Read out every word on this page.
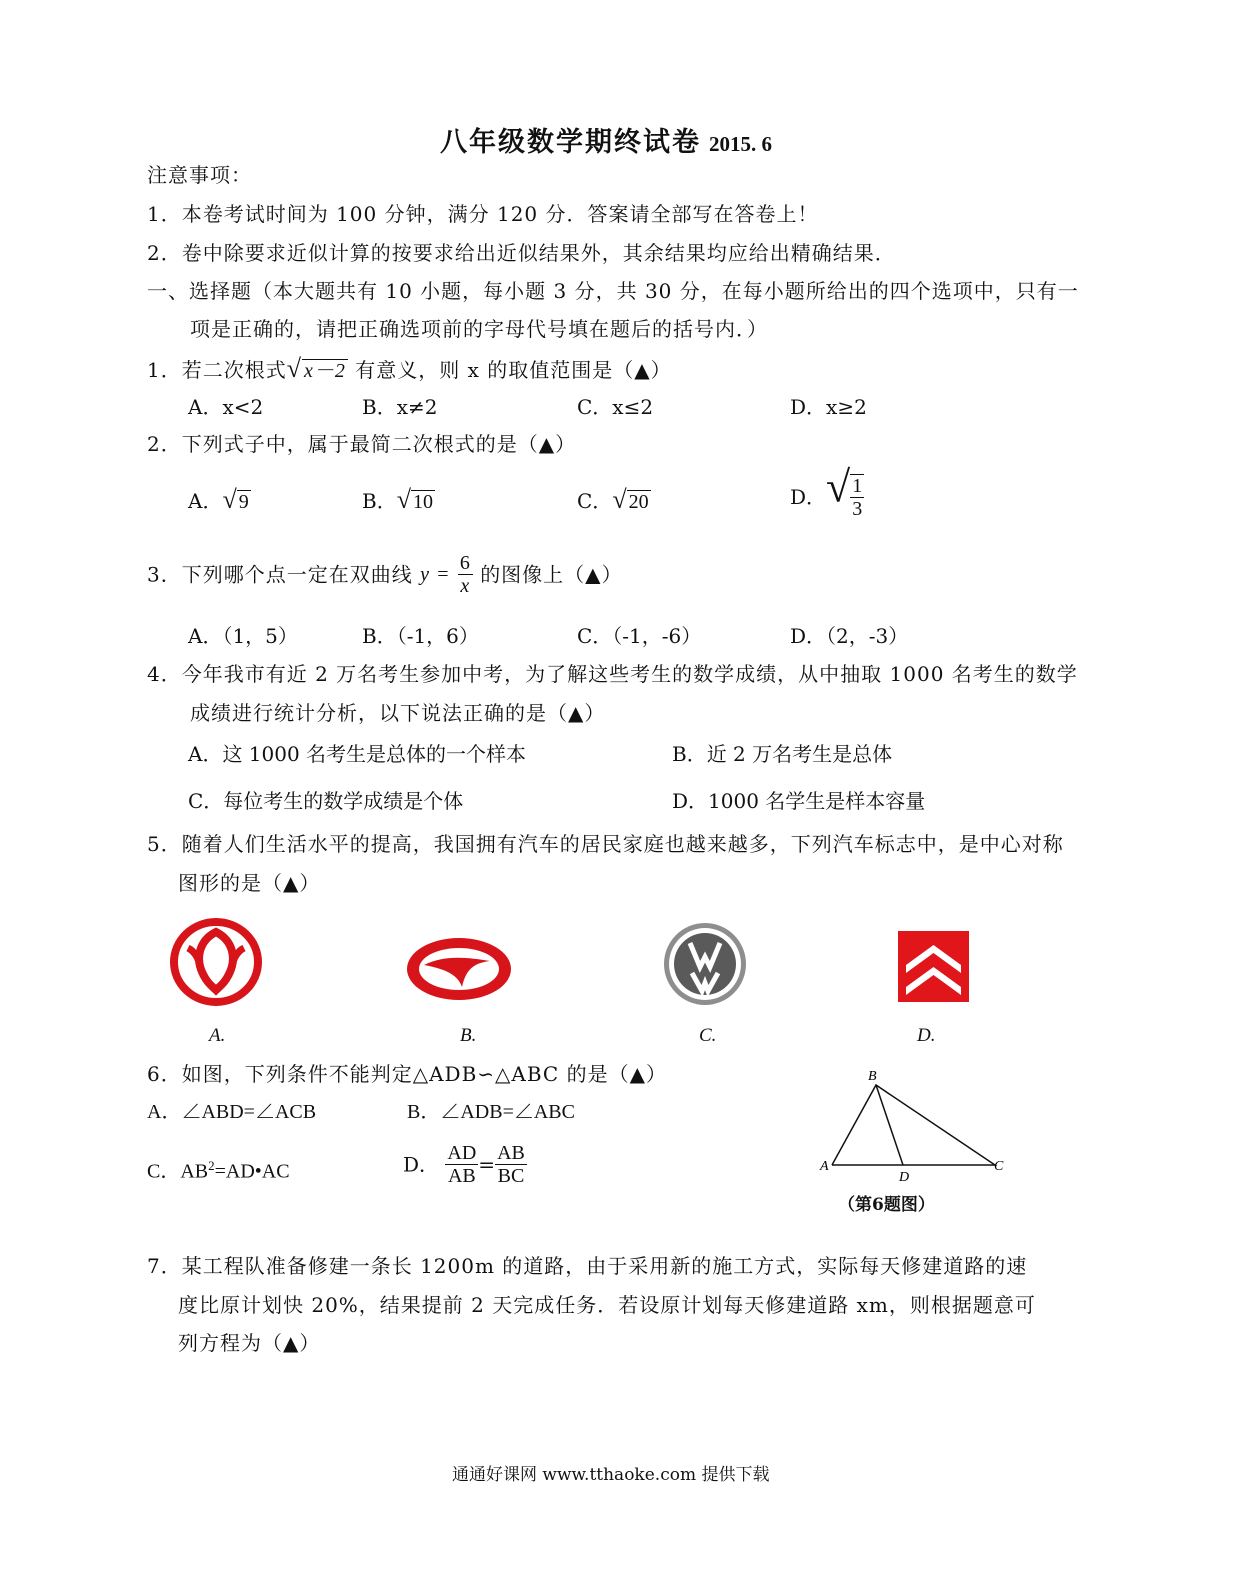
八年级数学期终试卷 2015. 6
注意事项：
1．本卷考试时间为 100 分钟，满分 120 分．答案请全部写在答卷上！
2．卷中除要求近似计算的按要求给出近似结果外，其余结果均应给出精确结果．
一、选择题（本大题共有 10 小题，每小题 3 分，共 30 分，在每小题所给出的四个选项中，只有一
项是正确的，请把正确选项前的字母代号填在题后的括号内．）
1．若二次根式√ x－2 有意义，则 x 的取值范围是（▲）
A．x<2	B．x≠2	C．x≤2	D．x≥2
2．下列式子中，属于最简二次根式的是（▲）
A．√ 9	B．√ 10	C．√ 20	D．√ $\frac{1}{3}$
3．下列哪个点一定在双曲线 $y = \frac{6}{x}$ 的图像上（▲）
A．（1，5）	B．（-1，6）	C．（-1，-6）	D．（2，-3）
4．今年我市有近 2 万名考生参加中考，为了解这些考生的数学成绩，从中抽取 1000 名考生的数学
成绩进行统计分析，以下说法正确的是（▲）
A．这 1000 名考生是总体的一个样本	B．近 2 万名考生是总体
C．每位考生的数学成绩是个体	D．1000 名学生是样本容量
5．随着人们生活水平的提高，我国拥有汽车的居民家庭也越来越多，下列汽车标志中，是中心对称
图形的是（▲）
A.	B.	C.	D.
6．如图，下列条件不能判定△ADB∽△ABC 的是（▲）
A．∠ABD=∠ACB	B．∠ADB=∠ABC
C．$AB^2=AD•AC$	D． $\frac{AD}{AB} = \frac{AB}{BC}$
B
A
D
C
（第6题图）
7．某工程队准备修建一条长 1200m 的道路，由于采用新的施工方式，实际每天修建道路的速
度比原计划快 20%，结果提前 2 天完成任务．若设原计划每天修建道路 xm，则根据题意可
列方程为（▲）
通通好课网 www.tthaoke.com 提供下载
